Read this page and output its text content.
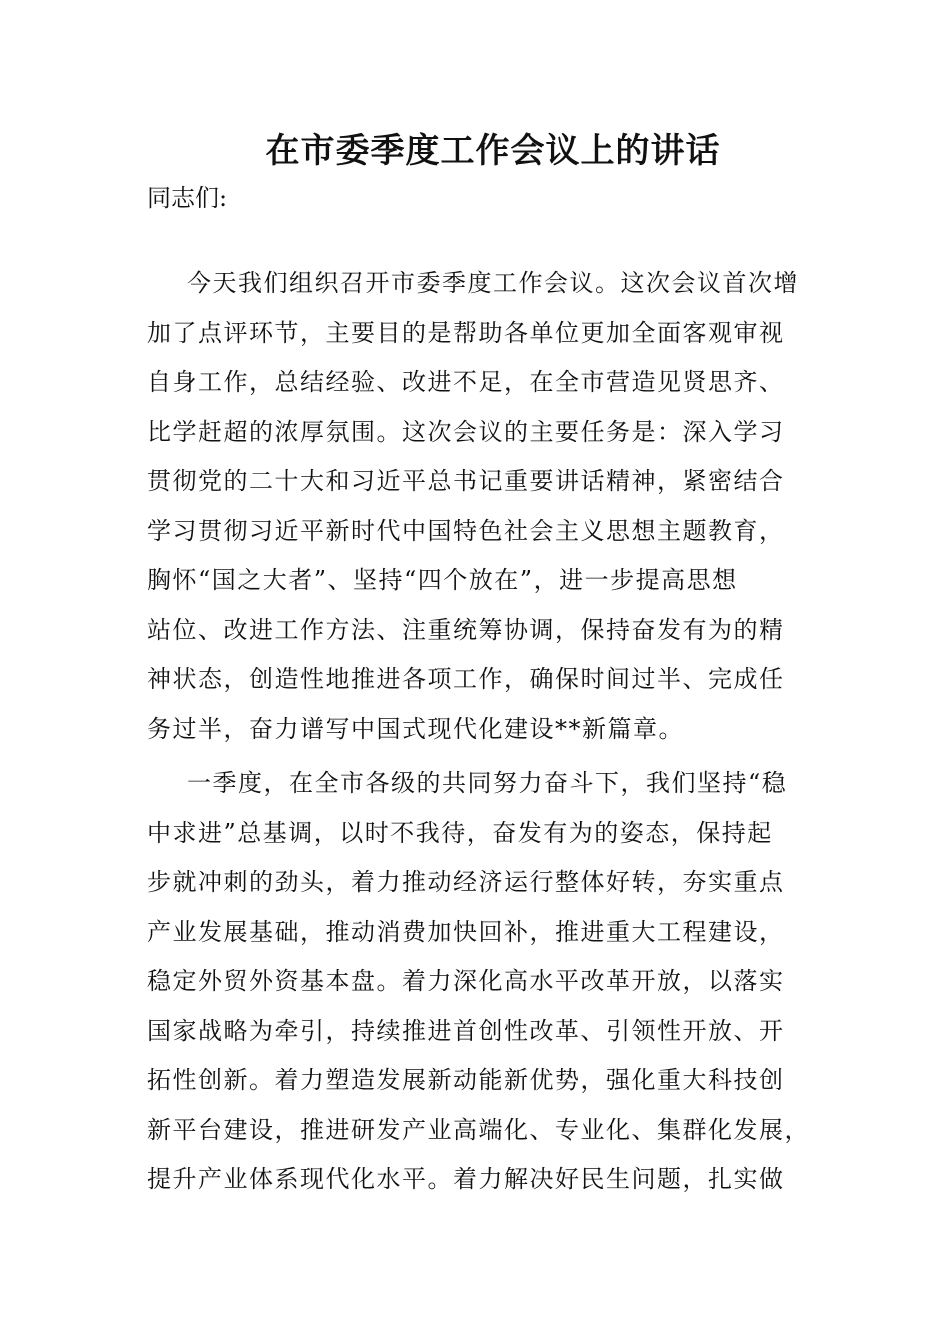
在市委季度工作会议上的讲话

同志们:

今天我们组织召开市委季度工作会议。这次会议首次增
加了点评环节，主要目的是帮助各单位更加全面客观审视
自身工作，总结经验、改进不足，在全市营造见贤思齐、
比学赶超的浓厚氛围。这次会议的主要任务是：深入学习
贯彻党的二十大和习近平总书记重要讲话精神，紧密结合
学习贯彻习近平新时代中国特色社会主义思想主题教育，
胸怀“国之大者”、坚持“四个放在”，进一步提高思想
站位、改进工作方法、注重统筹协调，保持奋发有为的精
神状态，创造性地推进各项工作，确保时间过半、完成任
务过半，奋力谱写中国式现代化建设**新篇章。
一季度，在全市各级的共同努力奋斗下，我们坚持“稳
中求进”总基调，以时不我待，奋发有为的姿态，保持起
步就冲刺的劲头，着力推动经济运行整体好转，夯实重点
产业发展基础，推动消费加快回补，推进重大工程建设，
稳定外贸外资基本盘。着力深化高水平改革开放，以落实
国家战略为牵引，持续推进首创性改革、引领性开放、开
拓性创新。着力塑造发展新动能新优势，强化重大科技创
新平台建设，推进研发产业高端化、专业化、集群化发展，
提升产业体系现代化水平。着力解决好民生问题，扎实做
